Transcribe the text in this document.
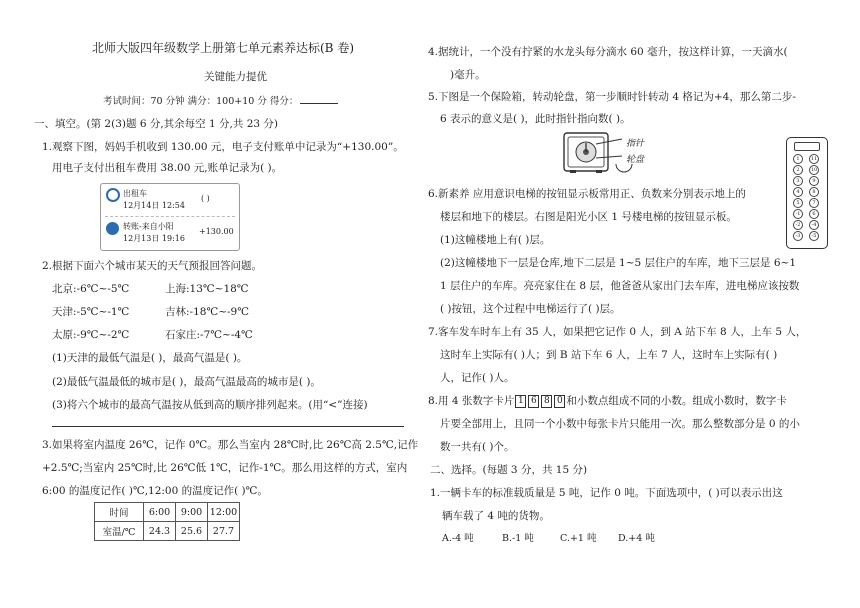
北师大版四年级数学上册第七单元素养达标(B 卷)
关键能力提优
考试时间：70 分钟 满分：100+10 分 得分：
一、填空。(第 2(3)题 6 分,其余每空 1 分,共 23 分)
1.观察下图，妈妈手机收到 130.00 元，电子支付账单中记录为“+130.00”。
用电子支付出租车费用 38.00 元,账单记录为( )。
出租车
12月14日 12:54
( )
转账-来自小阳
12月13日 19:16
+130.00
2.根据下面六个城市某天的天气预报回答问题。
北京:-6℃~-5℃	上海:13℃~18℃
天津:-5℃~-1℃	吉林:-18℃~-9℃
太原:-9℃~-2℃	石家庄:-7℃~-4℃
(1)天津的最低气温是( )，最高气温是( )。
(2)最低气温最低的城市是( )，最高气温最高的城市是( )。
(3)将六个城市的最高气温按从低到高的顺序排列起来。(用“<”连接)
3.如果将室内温度 26℃，记作 0℃。那么当室内 28℃时,比 26℃高 2.5℃,记作
+2.5℃;当室内 25℃时,比 26℃低 1℃，记作-1℃。那么用这样的方式，室内
6:00 的温度记作( )℃,12:00 的温度记作( )℃。
时间	6:00	9:00	12:00
室温/℃	24.3	25.6	27.7
4.据统计，一个没有拧紧的水龙头每分滴水 60 毫升，按这样计算，一天滴水(
)毫升。
5.下图是一个保险箱，转动轮盘，第一步顺时针转动 4 格记为+4，那么第二步-
6 表示的意义是( )，此时指针指向数( )。
指针
轮盘
6.新素养 应用意识电梯的按钮显示板常用正、负数来分别表示地上的
楼层和地下的楼层。右图是阳光小区 1 号楼电梯的按钮显示板。
(1)这幢楼地上有( )层。
(2)这幢楼地下一层是仓库,地下二层是 1~5 层住户的车库，地下三层是 6~1
1 层住户的车库。亮亮家住在 8 层，他爸爸从家出门去车库，进电梯应该按数
( )按钮，这个过程中电梯运行了( )层。
1
2
3
4
5
-1
-2
-3
11
10
9
8
7
6
-4
-5
7.客车发车时车上有 35 人，如果把它记作 0 人，到 A 站下车 8 人，上车 5 人，
这时车上实际有( )人；到 B 站下车 6 人，上车 7 人，这时车上实际有( )
人，记作( )人。
8.用 4 张数字卡片 1 6 8 0 和小数点组成不同的小数。组成小数时，数字卡
片要全部用上，且同一个小数中每张卡片只能用一次。那么整数部分是 0 的小
数一共有( )个。
二、选择。(每题 3 分，共 15 分)
1.一辆卡车的标准载质量是 5 吨，记作 0 吨。下面选项中，( )可以表示出这
辆车载了 4 吨的货物。
A.-4 吨	B.-1 吨	C.+1 吨 D.+4 吨
